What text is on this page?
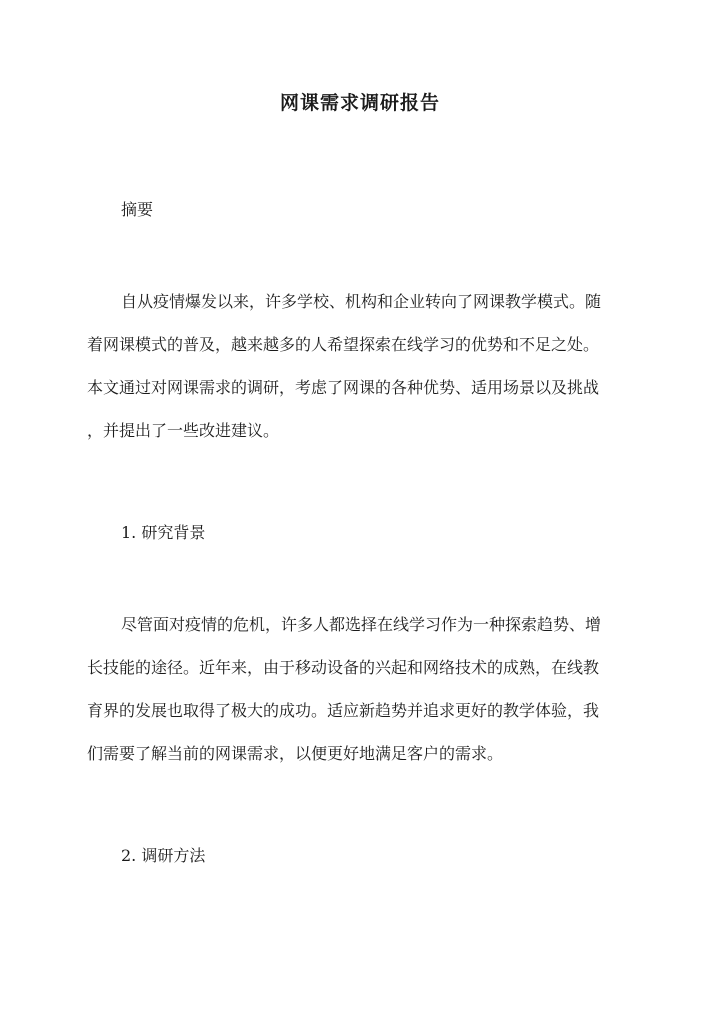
网课需求调研报告
摘要

自从疫情爆发以来，许多学校、机构和企业转向了网课教学模式。随
着网课模式的普及，越来越多的人希望探索在线学习的优势和不足之处。
本文通过对网课需求的调研，考虑了网课的各种优势、适用场景以及挑战
，并提出了一些改进建议。

1. 研究背景

尽管面对疫情的危机，许多人都选择在线学习作为一种探索趋势、增
长技能的途径。近年来，由于移动设备的兴起和网络技术的成熟，在线教
育界的发展也取得了极大的成功。适应新趋势并追求更好的教学体验，我
们需要了解当前的网课需求，以便更好地满足客户的需求。

2. 调研方法
